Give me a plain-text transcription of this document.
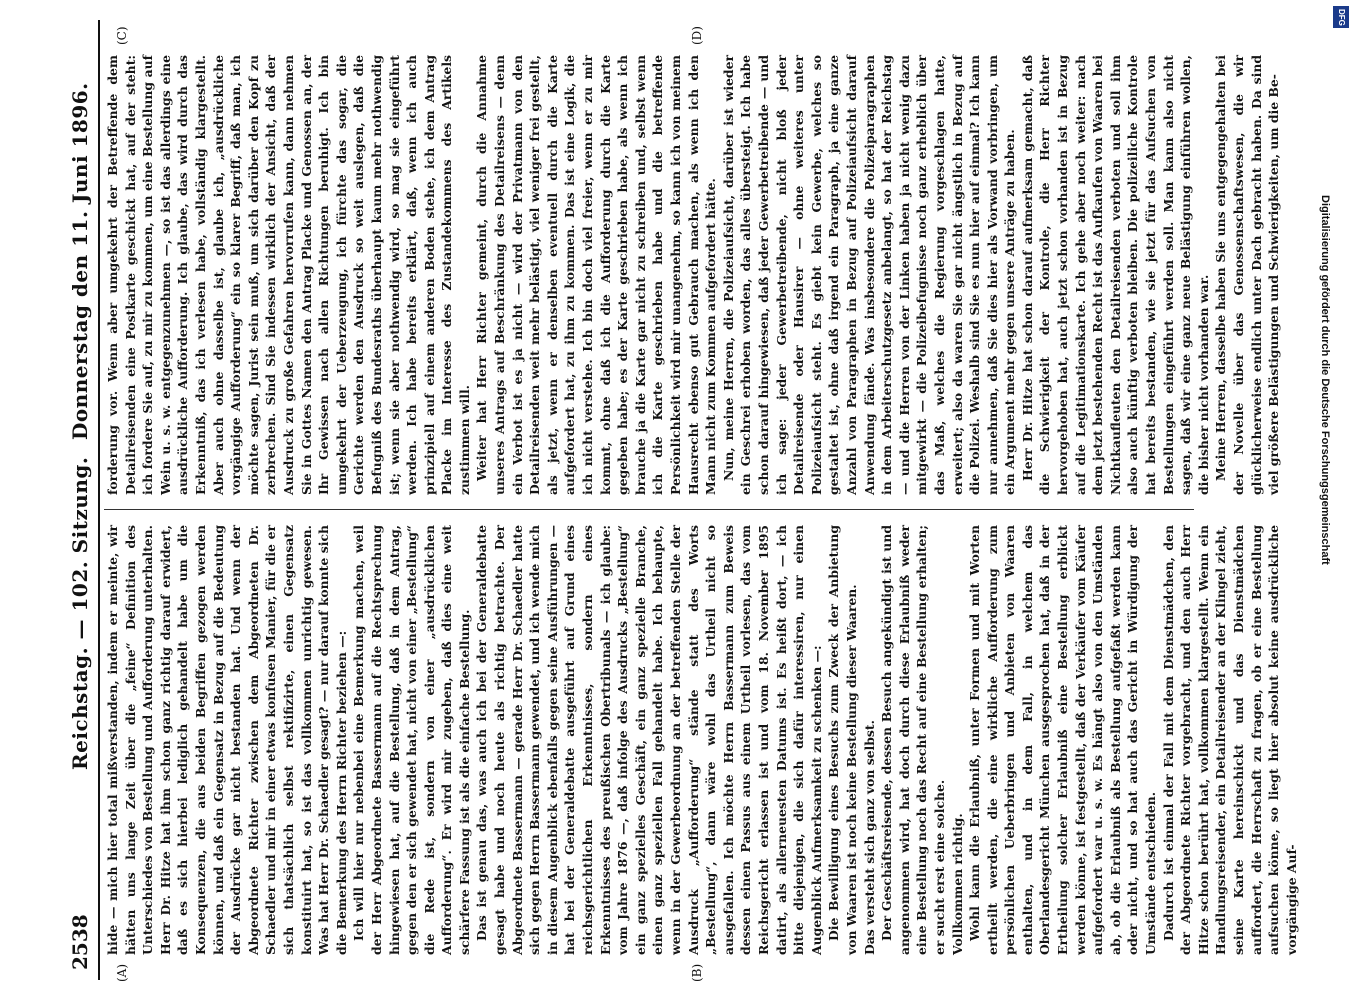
2538
Reichstag. — 102. Sitzung.
Donnerstag den 11. Juni 1896.
(A)	(B)
(C)	(D)

hide — mich hier total mißverstanden, indem er meinte, wir hätten uns lange Zeit über die „feine“ Definition des Unterschiedes von Bestellung und Aufforderung unterhalten. Herr Dr. Hitze hat ihm schon ganz richtig darauf erwidert, daß es sich hierbei lediglich gehandelt habe um die Konsequenzen, die aus beiden Begriffen gezogen werden können, und daß ein Gegensatz in Bezug auf die Bedeutung der Ausdrücke gar nicht bestanden hat. Und wenn der Abgeordnete Richter zwischen dem Abgeordneten Dr. Schaedler und mir in einer etwas konfusen Manier, für die er sich thatsächlich selbst rektifizirte, einen Gegensatz konstituirt hat, so ist das vollkommen unrichtig gewesen. Was hat Herr Dr. Schaedler gesagt? — nur darauf konnte sich die Bemerkung des Herrn Richter beziehen —: Ich will hier nur nebenbei eine Bemerkung machen, weil der Herr Abgeordnete Bassermann auf die Rechtsprechung hingewiesen hat, auf die Bestellung, daß in dem Antrag, gegen den er sich gewendet hat, nicht von einer „Bestellung“ die Rede ist, sondern von einer „ausdrücklichen Aufforderung“. Er wird mir zugeben, daß dies eine weit schärfere Fassung ist als die einfache Bestellung. Das ist genau das, was auch ich bei der Generaldebatte gesagt habe und noch heute als richtig betrachte. Der Abgeordnete Bassermann — gerade Herr Dr. Schaedler hatte sich gegen Herrn Bassermann gewendet, und ich wende mich in diesem Augenblick ebenfalls gegen seine Ausführungen — hat bei der Generaldebatte ausgeführt auf Grund eines reichsgerichtlichen Erkenntnisses, sondern eines Erkenntnisses des preußischen Obertribunals — ich glaube: vom Jahre 1876 —, daß infolge des Ausdrucks „Bestellung“ ein ganz spezielles Geschäft, ein ganz spezielle Branche, einen ganz speziellen Fall gehandelt habe. Ich behaupte, wenn in der Gewerbeordnung an der betreffenden Stelle der Ausdruck „Aufforderung“ stände statt des Worts „Bestellung“, dann wäre wohl das Urtheil nicht so ausgefallen. Ich möchte Herrn Bassermann zum Beweis dessen einen Passus aus einem Urtheil vorlesen, das vom Reichsgericht erlassen ist und vom 18. November 1895 datirt, als allerneuesten Datums ist. Es heißt dort, — ich bitte diejenigen, die sich dafür interessiren, nur einen Augenblick Aufmerksamkeit zu schenken —: Die Bewilligung eines Besuchs zum Zweck der Anbietung von Waaren ist noch keine Bestellung dieser Waaren. Das versteht sich ganz von selbst. Der Geschäftsreisende, dessen Besuch angekündigt ist und angenommen wird, hat doch durch diese Erlaubniß weder eine Bestellung noch das Recht auf eine Bestellung erhalten; er sucht erst eine solche. Vollkommen richtig. Wohl kann die Erlaubniß, unter Formen und mit Worten ertheilt werden, die eine wirkliche Aufforderung zum persönlichen Ueberbringen und Anbieten von Waaren enthalten, und in dem Fall, in welchem das Oberlandesgericht München ausgesprochen hat, daß in der Ertheilung solcher Erlaubniß eine Bestellung erblickt werden könne, ist festgestellt, daß der Verkäufer vom Käufer aufgefordert war u. s. w. Es hängt also von den Umständen ab, ob die Erlaubniß als Bestellung aufgefaßt werden kann oder nicht, und so hat auch das Gericht in Würdigung der Umstände entschieden. Dadurch ist einmal der Fall mit dem Dienstmädchen, den der Abgeordnete Richter vorgebracht, und den auch Herr Hitze schon berührt hat, vollkommen klargestellt. Wenn ein Handlungsreisender, ein Detailreisender an der Klingel zieht, seine Karte hereinschickt und das Dienstmädchen auffordert, die Herrschaft zu fragen, ob er eine Bestellung aufsuchen könne, so liegt hier absolut keine ausdrückliche vorgängige Auf-

forderung vor. Wenn aber umgekehrt der Betreffende dem Detailreisenden eine Postkarte geschickt hat, auf der steht: ich fordere Sie auf, zu mir zu kommen, um eine Bestellung auf Wein u. s. w. entgegenzunehmen —, so ist das allerdings eine ausdrückliche Aufforderung. Ich glaube, das wird durch das Erkenntniß, das ich verlesen habe, vollständig klargestellt. Aber auch ohne dasselbe ist, glaube ich, „ausdrückliche vorgängige Aufforderung“ ein so klarer Begriff, daß man, ich möchte sagen, Jurist sein muß, um sich darüber den Kopf zu zerbrechen. Sind Sie indessen wirklich der Ansicht, daß der Ausdruck zu große Gefahren hervorrufen kann, dann nehmen Sie in Gottes Namen den Antrag Placke und Genossen an, der Ihr Gewissen nach allen Richtungen beruhigt. Ich bin umgekehrt der Ueberzeugung, ich fürchte das sogar, die Gerichte werden den Ausdruck so weit auslegen, daß die Befugniß des Bundesraths überhaupt kaum mehr nothwendig ist; wenn sie aber nothwendig wird, so mag sie eingeführt werden. Ich habe bereits erklärt, daß, wenn ich auch prinzipiell auf einem anderen Boden stehe, ich dem Antrag Placke im Interesse des Zustandekommens des Artikels zustimmen will. Weiter hat Herr Richter gemeint, durch die Annahme unseres Antrags auf Beschränkung des Detailreisens — denn ein Verbot ist es ja nicht — wird der Privatmann von den Detailreisenden weit mehr belästigt, viel weniger frei gestellt, als jetzt, wenn er denselben eventuell durch die Karte aufgefordert hat, zu ihm zu kommen. Das ist eine Logik, die ich nicht verstehe. Ich bin doch viel freier, wenn er zu mir kommt, ohne daß ich die Aufforderung durch die Karte gegeben habe; es der Karte geschrieben habe, als wenn ich brauche ja die Karte gar nicht zu schreiben und, selbst wenn ich die Karte geschrieben habe und die betreffende Persönlichkeit wird mir unangenehm, so kann ich von meinem Hausrecht ebenso gut Gebrauch machen, als wenn ich den Mann nicht zum Kommen aufgefordert hätte. Nun, meine Herren, die Polizeiaufsicht, darüber ist wieder ein Geschrei erhoben worden, das alles übersteigt. Ich habe schon darauf hingewiesen, daß jeder Gewerbetreibende — und ich sage: jeder Gewerbetreibende, nicht bloß jeder Detailreisende oder Hausirer — ohne weiteres unter Polizeiaufsicht steht. Es giebt kein Gewerbe, welches so gestaltet ist, ohne daß irgend ein Paragraph, ja eine ganze Anzahl von Paragraphen in Bezug auf Polizeiaufsicht darauf Anwendung fände. Was insbesondere die Polizeiparagraphen in dem Arbeiterschutzgesetz anbelangt, so hat der Reichstag — und die Herren von der Linken haben ja nicht wenig dazu mitgewirkt — die Polizeibefugnisse noch ganz erheblich über das Maß, welches die Regierung vorgeschlagen hatte, erweitert; also da waren Sie gar nicht ängstlich in Bezug auf die Polizei. Weshalb sind Sie es nun hier auf einmal? Ich kann nur annehmen, daß Sie dies hier als Vorwand vorbringen, um ein Argument mehr gegen unsere Anträge zu haben. Herr Dr. Hitze hat schon darauf aufmerksam gemacht, daß die Schwierigkeit der Kontrole, die Herr Richter hervorgehoben hat, auch jetzt schon vorhanden ist in Bezug auf die Legitimationskarte. Ich gehe aber noch weiter: nach dem jetzt bestehenden Recht ist das Aufkaufen von Waaren bei Nichtkaufleuten den Detailreisenden verboten und soll ihm also auch künftig verboten bleiben. Die polizeiliche Kontrole hat bereits bestanden, wie sie jetzt für das Aufsuchen von Bestellungen eingeführt werden soll. Man kann also nicht sagen, daß wir eine ganz neue Belästigung einführen wollen, die bisher nicht vorhanden war. Meine Herren, dasselbe haben Sie uns entgegengehalten bei der Novelle über das Genossenschaftswesen, die wir glücklicherweise endlich unter Dach gebracht haben. Da sind viel größere Belästigungen und Schwierigkeiten, um die Be-

DFG
Digitalisierung gefördert durch die Deutsche Forschungsgemeinschaft
